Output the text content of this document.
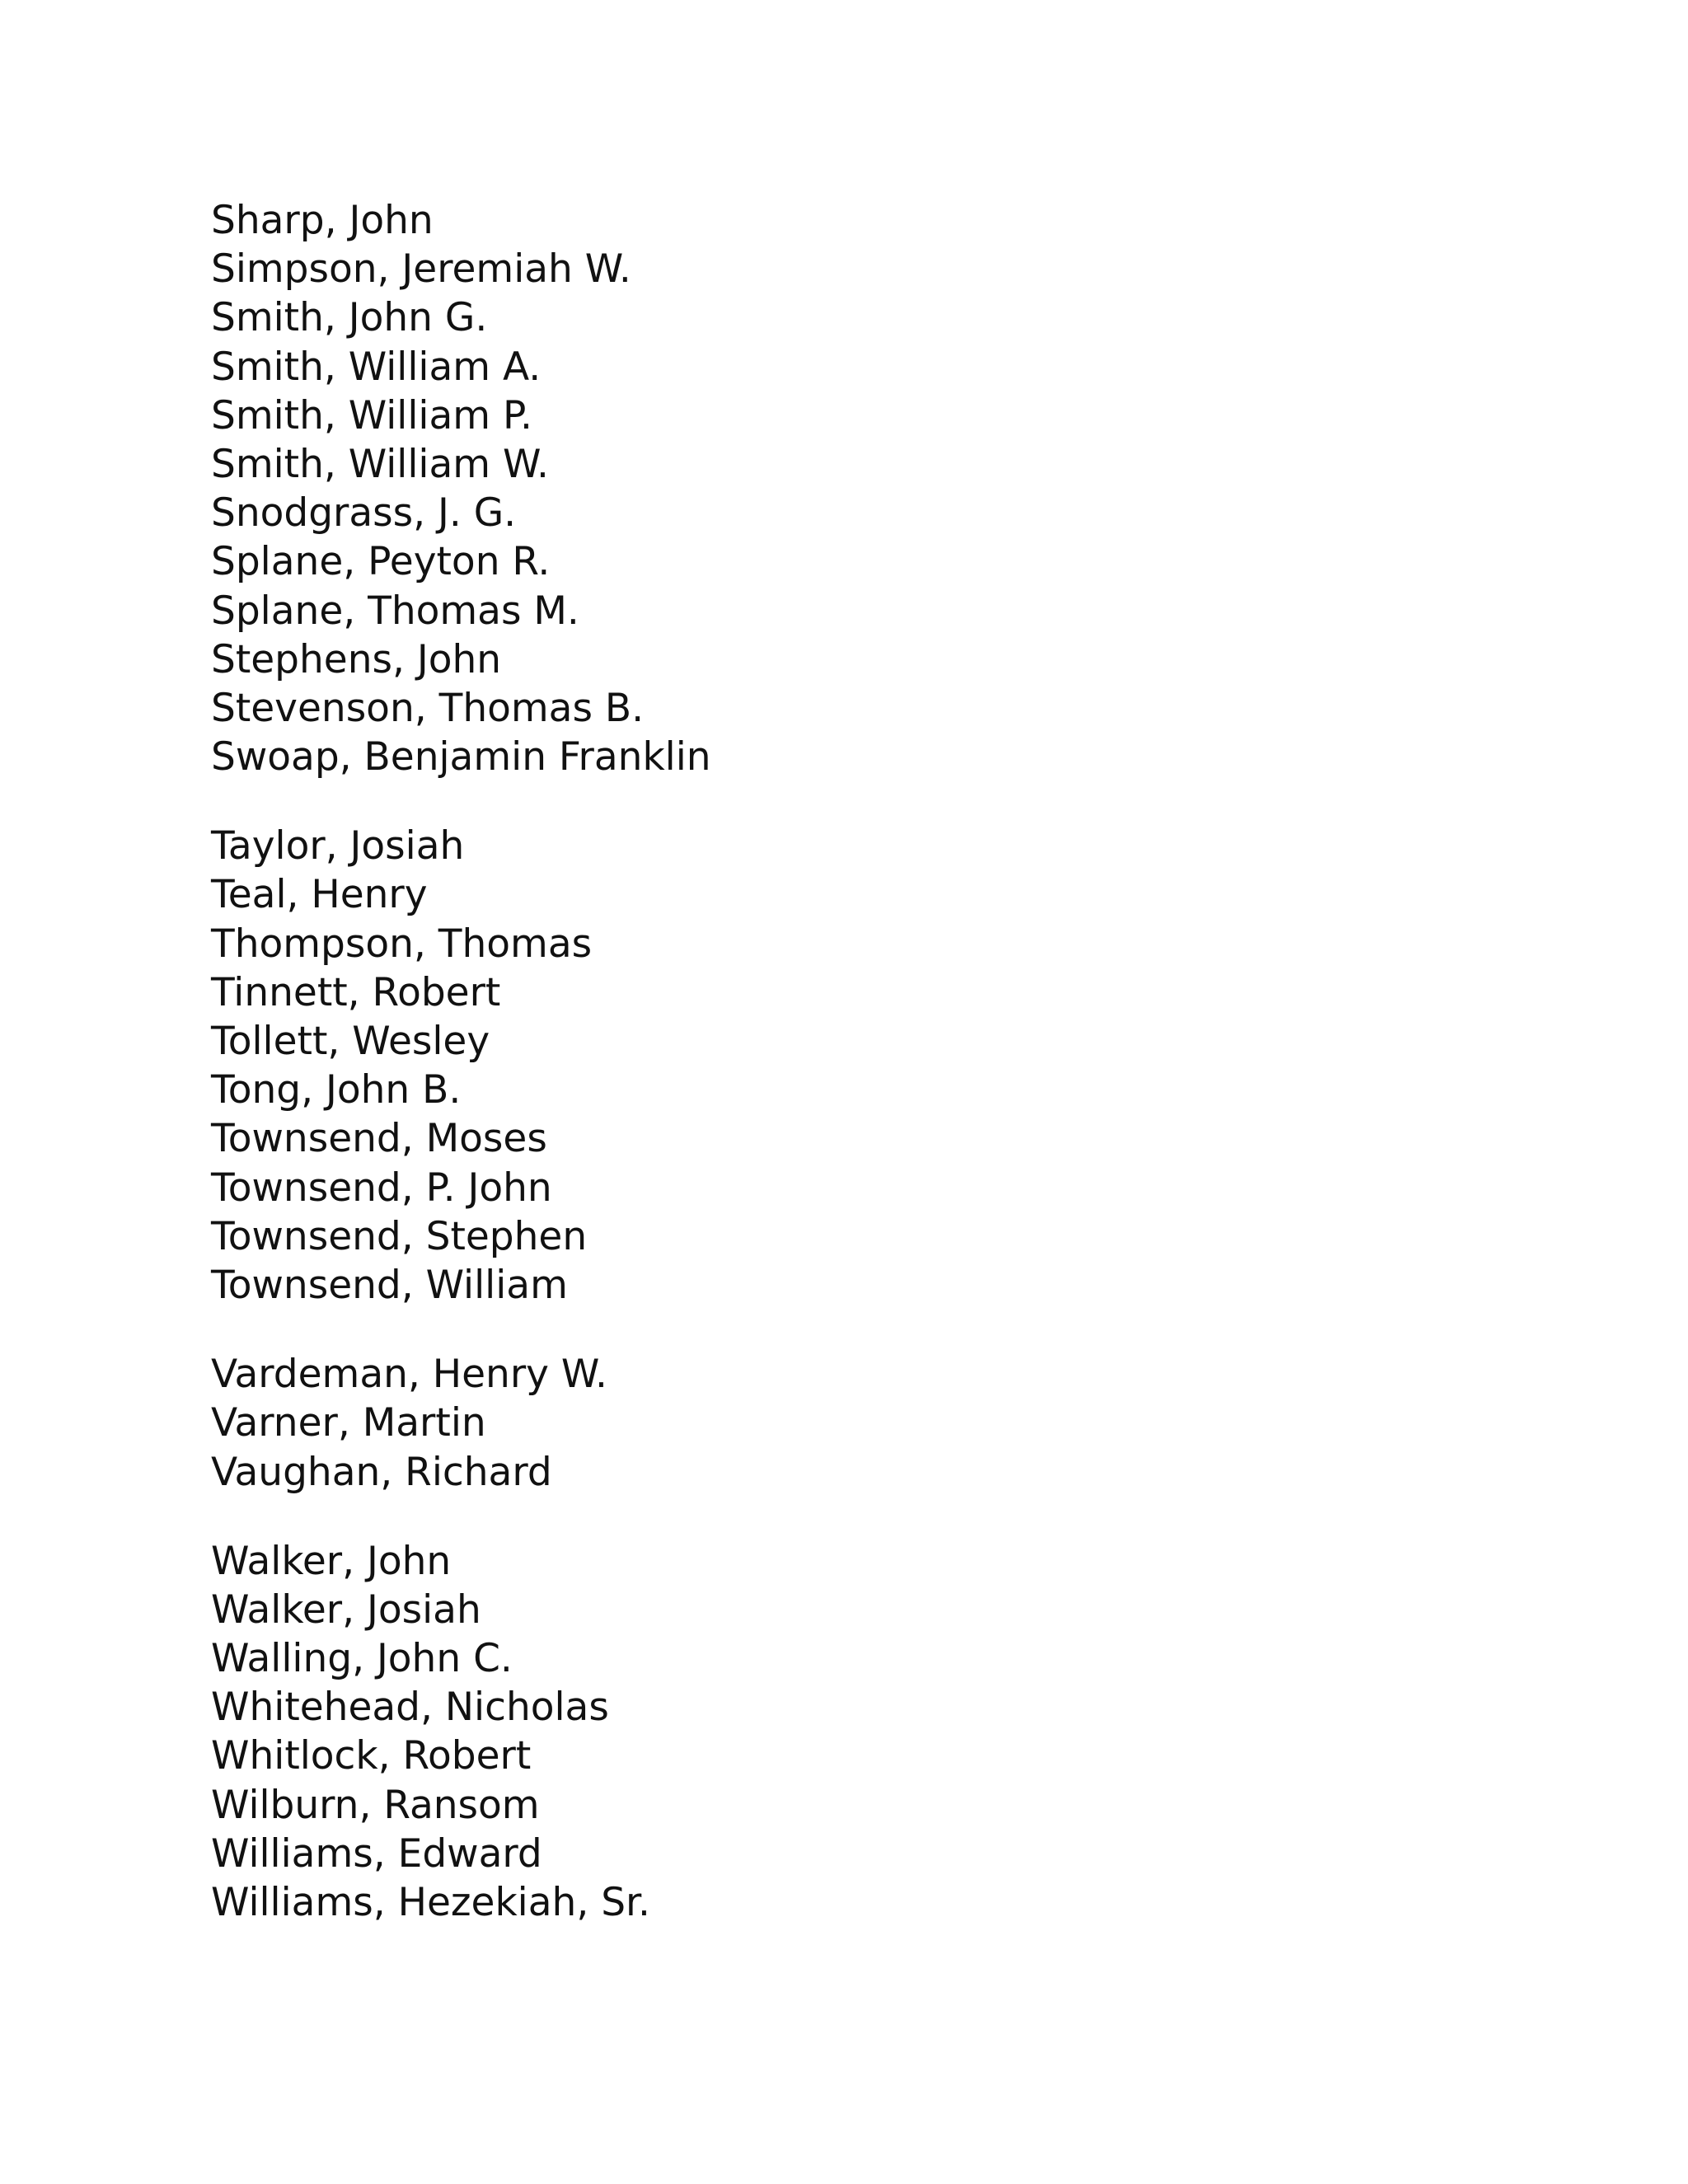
Sharp, John
Simpson, Jeremiah W.
Smith, John G.
Smith, William A.
Smith, William P.
Smith, William W.
Snodgrass, J. G.
Splane, Peyton R.
Splane, Thomas M.
Stephens, John
Stevenson, Thomas B.
Swoap, Benjamin Franklin
Taylor, Josiah
Teal, Henry
Thompson, Thomas
Tinnett, Robert
Tollett, Wesley
Tong, John B.
Townsend, Moses
Townsend, P. John
Townsend, Stephen
Townsend, William
Vardeman, Henry W.
Varner, Martin
Vaughan, Richard
Walker, John
Walker, Josiah
Walling, John C.
Whitehead, Nicholas
Whitlock, Robert
Wilburn, Ransom
Williams, Edward
Williams, Hezekiah, Sr.
